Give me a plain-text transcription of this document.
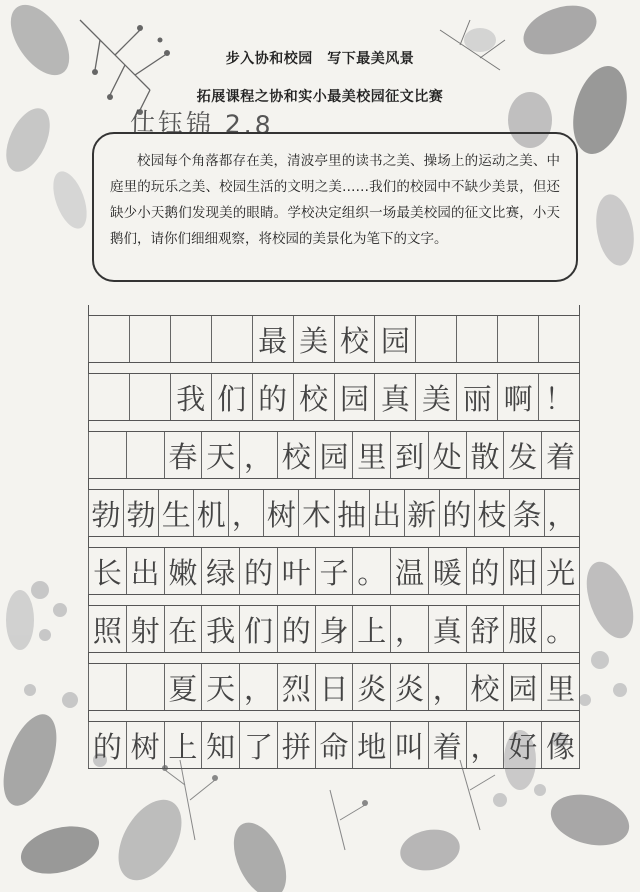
步入协和校园　写下最美风景
拓展课程之协和实小最美校园征文比赛
仕钰锦 2.8
校园每个角落都存在美，清波亭里的读书之美、操场上的运动之美、中庭里的玩乐之美、校园生活的文明之美……我们的校园中不缺少美景，但还缺少小天鹅们发现美的眼睛。学校决定组织一场最美校园的征文比赛，小天鹅们，请你们细细观察，将校园的美景化为笔下的文字。
最 美 校 园
我 们 的 校 园 真 美 丽 啊 ！
春 天 ， 校 园 里 到 处 散 发 着
勃 勃 生 机 ， 树 木 抽 出 新 的 枝 条 ，
长 出 嫩 绿 的 叶 子 。 温 暖 的 阳 光
照 射 在 我 们 的 身 上 ， 真 舒 服 。
夏 天 ， 烈 日 炎 炎 ， 校 园 里
的 树 上 知 了 拼 命 地 叫 着 ， 好 像
